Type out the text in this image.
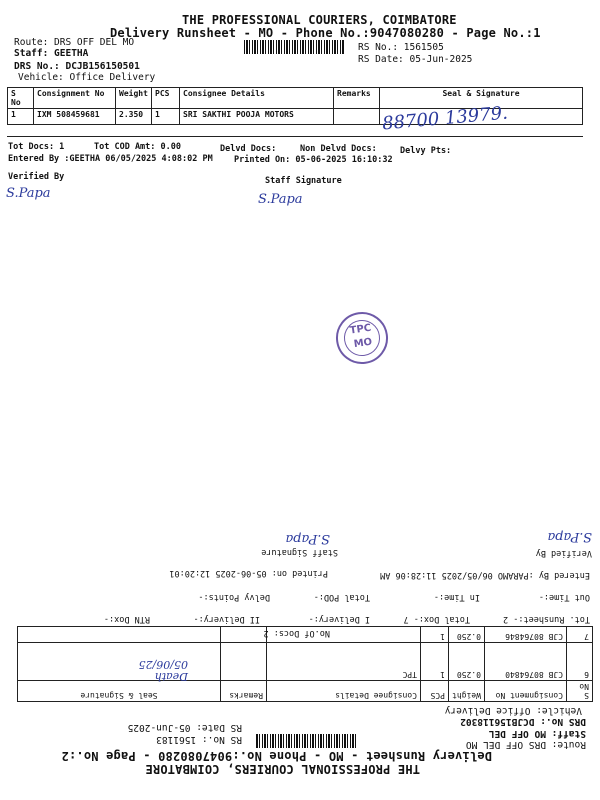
THE PROFESSIONAL COURIERS, COIMBATORE
Delivery Runsheet - MO - Phone No.:9047080280 - Page No.:1
Route: DRS OFF DEL MO
Staff: GEETHA
DRS No.: DCJB156150501
Vehicle: Office Delivery
RS No.: 1561505
RS Date: 05-Jun-2025
S No	Consignment No	Weight	PCS	Consignee Details	Remarks	Seal & Signature
1	IXM 508459681	2.350	1	SRI SAKTHI POOJA MOTORS			88700 13979.
Tot Docs: 1	Tot COD Amt: 0.00	Delvd Docs:	Non Delvd Docs:	Delvy Pts:
Entered By :GEETHA 06/05/2025 4:08:02 PM	Printed On: 05-06-2025 16:10:32
Verified By	Staff Signature
S.Papa	S.Papa
TPC
MO
THE PROFESSIONAL COURIERS, COIMBATORE
Delivery Runsheet - MO - Phone No.:9047080280 - Page No.:2
Route: DRS OFF DEL MO
Staff: MO OFF DEL
DRS No.: DCJB156118302
Vehicle: Office Delivery
RS No.: 1561183
RS Date: 05-Jun-2025
S No	Consignment No	Weight	PCS	Consignee Details	Remarks	Seal & Signature
6	CJB 80764840	0.250	1	TPC		
7	CJB 80764846	0.250	1			
Death 05/06/25
No.Of Docs: 2
Tot. Runsheet:- 2
Total Dox:- 7
I Delivery:-
II Delivery:-
RTN Dox:-
Out Time:-
In Time:-
Total POD:-
Delvy Points:-
Entered By :PARAMO 06/05/2025 11:28:06 AM
Printed on: 05-06-2025 12:20:01
Verified By
Staff Signature
S.Papa
S.Papa
